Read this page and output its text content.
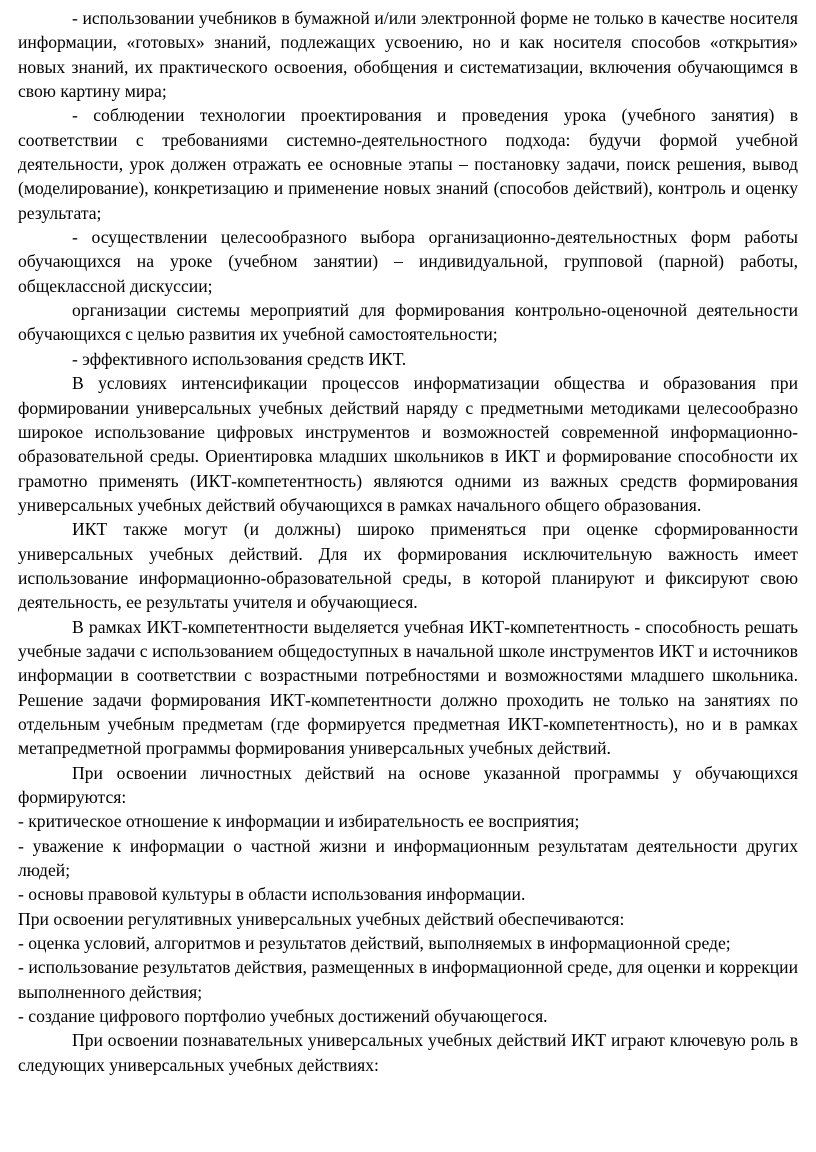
- использовании учебников в бумажной и/или электронной форме не только в качестве носителя информации, «готовых» знаний, подлежащих усвоению, но и как носителя способов «открытия» новых знаний, их практического освоения, обобщения и систематизации, включения обучающимся в свою картину мира;

- соблюдении технологии проектирования и проведения урока (учебного занятия) в соответствии с требованиями системно-деятельностного подхода: будучи формой учебной деятельности, урок должен отражать ее основные этапы – постановку задачи, поиск решения, вывод (моделирование), конкретизацию и применение новых знаний (способов действий), контроль и оценку результата;

- осуществлении целесообразного выбора организационно-деятельностных форм работы обучающихся на уроке (учебном занятии) – индивидуальной, групповой (парной) работы, общеклассной дискуссии;

организации системы мероприятий для формирования контрольно-оценочной деятельности обучающихся с целью развития их учебной самостоятельности;

- эффективного использования средств ИКТ.

В условиях интенсификации процессов информатизации общества и образования при формировании универсальных учебных действий наряду с предметными методиками целесообразно широкое использование цифровых инструментов и возможностей современной информационно-образовательной среды. Ориентировка младших школьников в ИКТ и формирование способности их грамотно применять (ИКТ-компетентность) являются одними из важных средств формирования универсальных учебных действий обучающихся в рамках начального общего образования.

ИКТ также могут (и должны) широко применяться при оценке сформированности универсальных учебных действий. Для их формирования исключительную важность имеет использование информационно-образовательной среды, в которой планируют и фиксируют свою деятельность, ее результаты учителя и обучающиеся.

В рамках ИКТ-компетентности выделяется учебная ИКТ-компетентность - способность решать учебные задачи с использованием общедоступных в начальной школе инструментов ИКТ и источников информации в соответствии с возрастными потребностями и возможностями младшего школьника. Решение задачи формирования ИКТ-компетентности должно проходить не только на занятиях по отдельным учебным предметам (где формируется предметная ИКТ-компетентность), но и в рамках метапредметной программы формирования универсальных учебных действий.

При освоении личностных действий на основе указанной программы у обучающихся формируются:

- критическое отношение к информации и избирательность ее восприятия;

- уважение к информации о частной жизни и информационным результатам деятельности других людей;

- основы правовой культуры в области использования информации.

При освоении регулятивных универсальных учебных действий обеспечиваются:

- оценка условий, алгоритмов и результатов действий, выполняемых в информационной среде;

- использование результатов действия, размещенных в информационной среде, для оценки и коррекции выполненного действия;

- создание цифрового портфолио учебных достижений обучающегося.

При освоении познавательных универсальных учебных действий ИКТ играют ключевую роль в следующих универсальных учебных действиях:
